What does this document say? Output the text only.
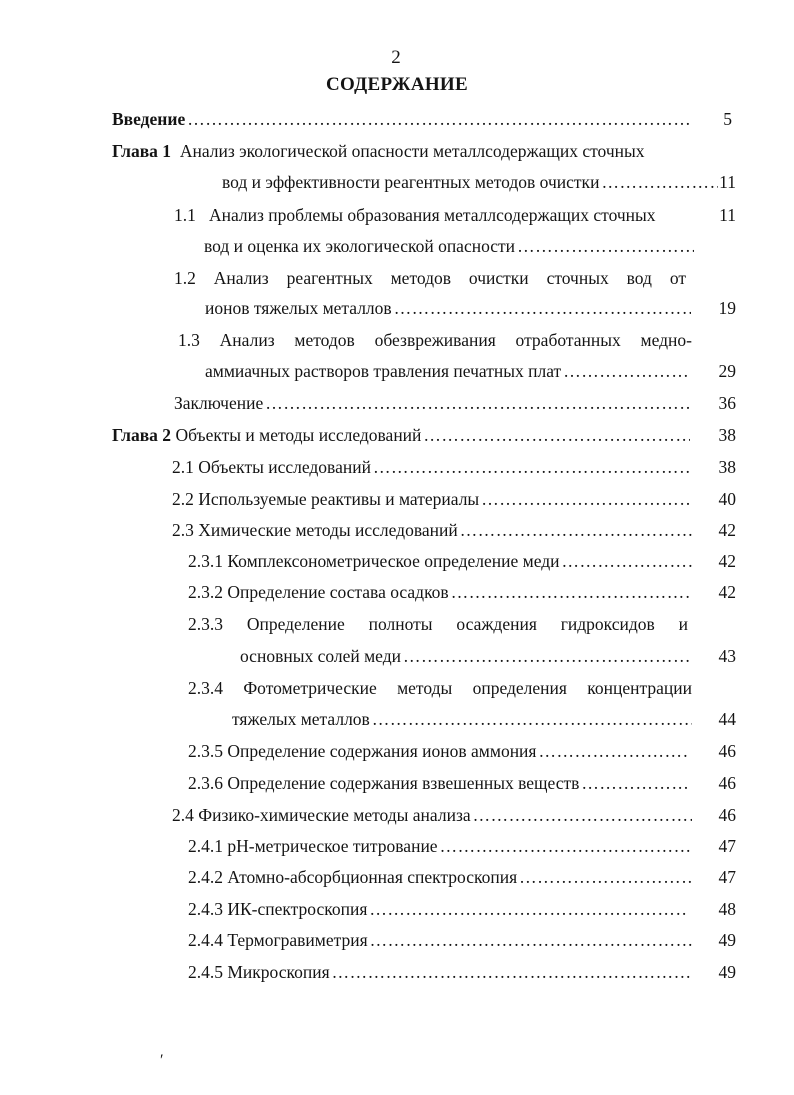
2
СОДЕРЖАНИЕ
Введение …………………………………………………………………………………………………………………………………………………………………………………	5
Глава 1
Анализ экологической опасности металлсодержащих сточных
вод и эффективности реагентных методов очистки …………………………………………………………………………………………………………………………………………………………………………………	11
1.1
Анализ проблемы образования металлсодержащих сточных	11
вод и оценка их экологической опасности
…………………………………………………………………………………………………………………………………………………………………………………
1.2 Анализ реагентных методов очистки сточных вод от
ионов тяжелых металлов …………………………………………………………………………………………………………………………………………………………………………………	19
1.3 Анализ методов обезвреживания отработанных медно-
аммиачных растворов травления печатных плат …………………………………………………………………………………………………………………………………………………………………………………	29
Заключение …………………………………………………………………………………………………………………………………………………………………………………	36
Глава 2
Объекты и методы исследований …………………………………………………………………………………………………………………………………………………………………………………	38
2.1 Объекты исследований …………………………………………………………………………………………………………………………………………………………………………………	38
2.2 Используемые реактивы и материалы …………………………………………………………………………………………………………………………………………………………………………………	40
2.3 Химические методы исследований …………………………………………………………………………………………………………………………………………………………………………………	42
2.3.1 Комплексонометрическое определение меди …………………………………………………………………………………………………………………………………………………………………………………	42
2.3.2 Определение состава осадков …………………………………………………………………………………………………………………………………………………………………………………	42
2.3.3 Определение полноты осаждения гидроксидов и
основных солей меди …………………………………………………………………………………………………………………………………………………………………………………	43
2.3.4 Фотометрические методы определения концентрации
тяжелых металлов …………………………………………………………………………………………………………………………………………………………………………………	44
2.3.5 Определение содержания ионов аммония …………………………………………………………………………………………………………………………………………………………………………………	46
2.3.6 Определение содержания взвешенных веществ …………………………………………………………………………………………………………………………………………………………………………………	46
2.4 Физико-химические методы анализа …………………………………………………………………………………………………………………………………………………………………………………	46
2.4.1 рН-метрическое титрование …………………………………………………………………………………………………………………………………………………………………………………	47
2.4.2 Атомно-абсорбционная спектроскопия …………………………………………………………………………………………………………………………………………………………………………………	47
2.4.3 ИК-спектроскопия …………………………………………………………………………………………………………………………………………………………………………………	48
2.4.4 Термогравиметрия …………………………………………………………………………………………………………………………………………………………………………………	49
2.4.5 Микроскопия …………………………………………………………………………………………………………………………………………………………………………………	49
′
